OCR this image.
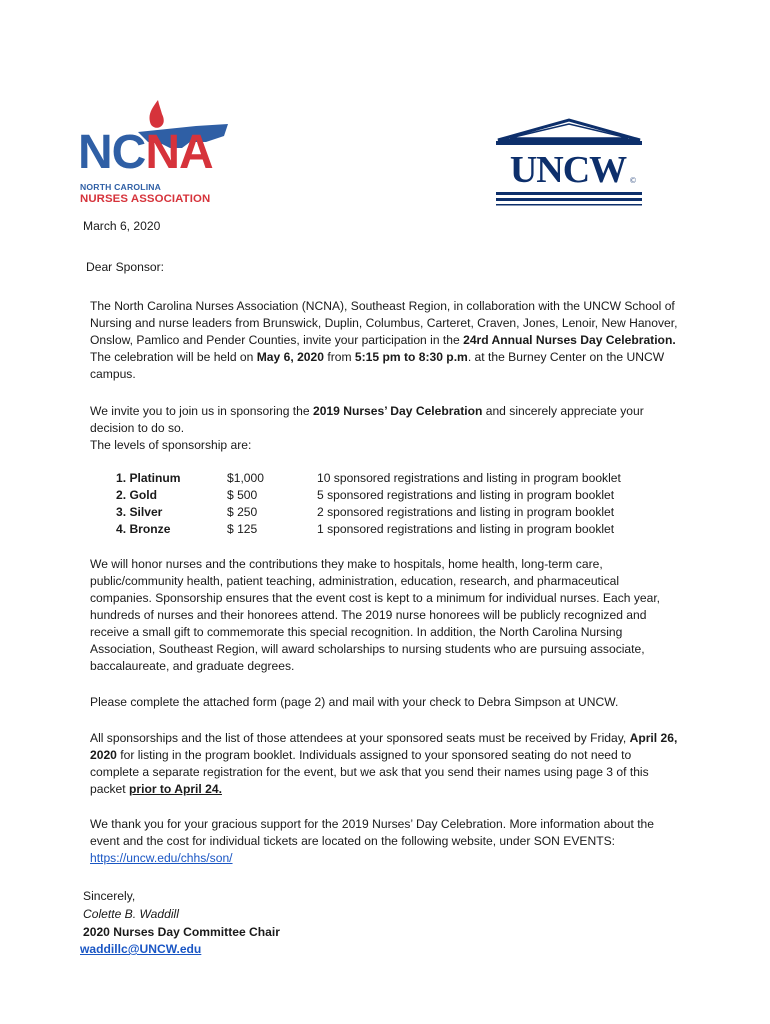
NCNA
NORTH CAROLINA
NURSES ASSOCIATION
UNCW ©

March 6, 2020

Dear Sponsor:

The North Carolina Nurses Association (NCNA), Southeast Region, in collaboration with the UNCW School of Nursing and nurse leaders from Brunswick, Duplin, Columbus, Carteret, Craven, Jones, Lenoir, New Hanover, Onslow, Pamlico and Pender Counties, invite your participation in the 24rd Annual Nurses Day Celebration. The celebration will be held on May 6, 2020 from 5:15 pm to 8:30 p.m. at the Burney Center on the UNCW campus.

We invite you to join us in sponsoring the 2019 Nurses’ Day Celebration and sincerely appreciate your decision to do so.

The levels of sponsorship are:

1. Platinum	$1,000	10 sponsored registrations and listing in program booklet
2. Gold	$ 500	5 sponsored registrations and listing in program booklet
3. Silver	$ 250	2 sponsored registrations and listing in program booklet
4. Bronze	$ 125	1 sponsored registrations and listing in program booklet

We will honor nurses and the contributions they make to hospitals, home health, long-term care, public/community health, patient teaching, administration, education, research, and pharmaceutical companies. Sponsorship ensures that the event cost is kept to a minimum for individual nurses. Each year, hundreds of nurses and their honorees attend. The 2019 nurse honorees will be publicly recognized and receive a small gift to commemorate this special recognition. In addition, the North Carolina Nursing Association, Southeast Region, will award scholarships to nursing students who are pursuing associate, baccalaureate, and graduate degrees.

Please complete the attached form (page 2) and mail with your check to Debra Simpson at UNCW.

All sponsorships and the list of those attendees at your sponsored seats must be received by Friday, April 26, 2020 for listing in the program booklet. Individuals assigned to your sponsored seating do not need to complete a separate registration for the event, but we ask that you send their names using page 3 of this packet prior to April 24.

We thank you for your gracious support for the 2019 Nurses’ Day Celebration. More information about the event and the cost for individual tickets are located on the following website, under SON EVENTS: https://uncw.edu/chhs/son/

Sincerely,

Colette B. Waddill

2020 Nurses Day Committee Chair

waddillc@UNCW.edu
